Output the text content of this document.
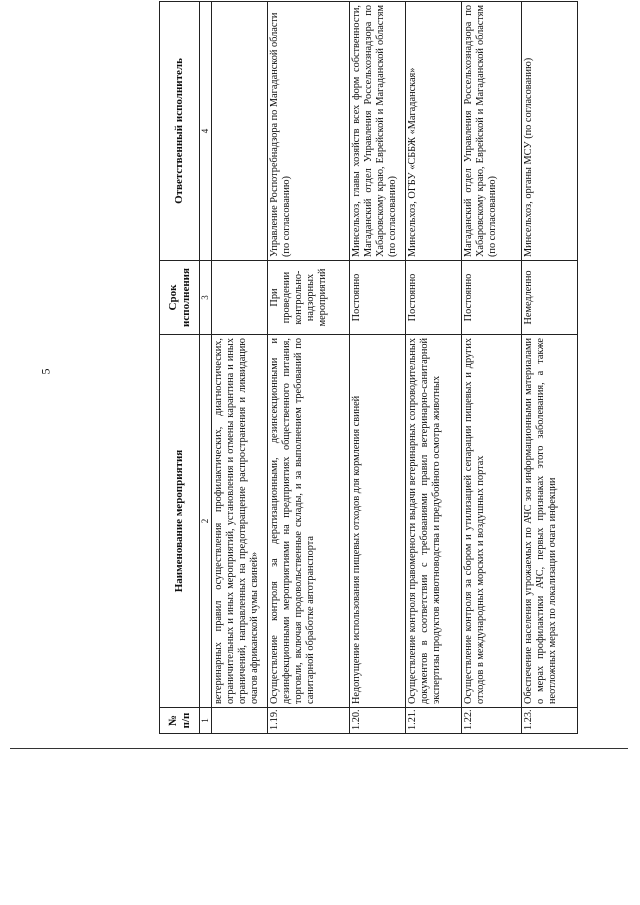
5
№ п/п	Наименование мероприятия	Срок исполнения	Ответственный исполнитель
1	2	3	4
	ветеринарных правил осуществления профилактических, диагностических, ограничительных и иных мероприятий, установления и отмены карантина и иных ограничений, направленных на предотвращение распространения и ликвидацию очагов африканской чумы свиней»		
1.19.	Осуществление контроля за дератизационными, дезинсекционными и дезинфекционными мероприятиями на предприятиях общественного питания, торговли, включая продовольственные склады, и за выполнением требований по санитарной обработке автотранспорта	При проведении контрольно-надзорных мероприятий	Управление Роспотребнадзора по Магаданской области (по согласованию)
1.20.	Недопущение использования пищевых отходов для кормления свиней	Постоянно	Минсельхоз, главы хозяйств всех форм собственности, Магаданский отдел Управления Россельхознадзора по Хабаровскому краю, Еврейской и Магаданской областям (по согласованию)
1.21.	Осуществление контроля правомерности выдачи ветеринарных сопроводительных документов в соответствии с требованиями правил ветеринарно-санитарной экспертизы продуктов животноводства и предубойного осмотра животных	Постоянно	Минсельхоз, ОГБУ «СББЖ «Магаданская»
1.22.	Осуществление контроля за сбором и утилизацией сепарации пищевых и других отходов в международных морских и воздушных портах	Постоянно	Магаданский отдел Управления Россельхознадзора по Хабаровскому краю, Еврейской и Магаданской областям (по согласованию)
1.23.	Обеспечение населения угрожаемых по АЧС зон информационными материалами о мерах профилактики АЧС, первых признаках этого заболевания, а также неотложных мерах по локализации очага инфекции	Немедленно	Минсельхоз, органы МСУ (по согласованию)
